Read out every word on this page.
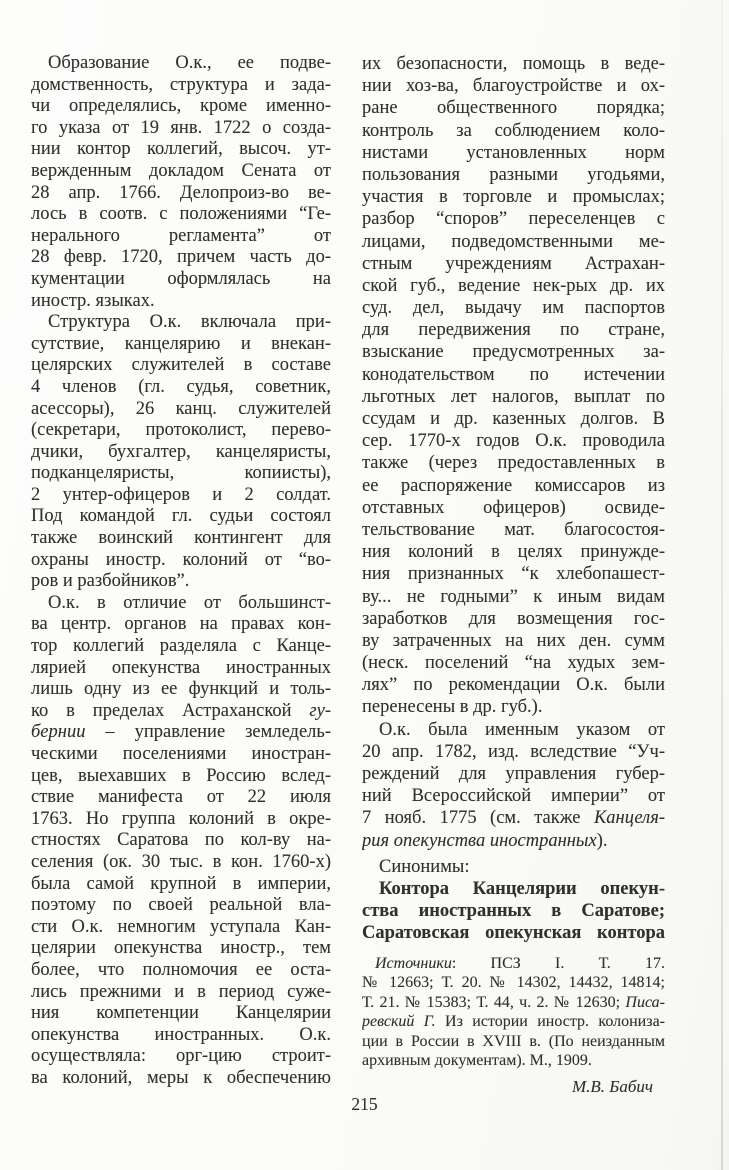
Образование О.к., ее подве-
домственность, структура и зада-
чи определялись, кроме именно-
го указа от 19 янв. 1722 о созда-
нии контор коллегий, высоч. ут-
вержденным докладом Сената от
28 апр. 1766. Делопроиз-во ве-
лось в соотв. с положениями “Ге-
нерального регламента” от
28 февр. 1720, причем часть до-
кументации оформлялась на
иностр. языках.
Структура О.к. включала при-
сутствие, канцелярию и внекан-
целярских служителей в составе
4 членов (гл. судья, советник,
асессоры), 26 канц. служителей
(секретари, протоколист, перево-
дчики, бухгалтер, канцеляристы,
подканцеляристы, копиисты),
2 унтер-офицеров и 2 солдат.
Под командой гл. судьи состоял
также воинский контингент для
охраны иностр. колоний от “во-
ров и разбойников”.
О.к. в отличие от большинст-
ва центр. органов на правах кон-
тор коллегий разделяла с Канце-
лярией опекунства иностранных
лишь одну из ее функций и толь-
ко в пределах Астраханской гу-
бернии – управление земледель-
ческими поселениями иностран-
цев, выехавших в Россию вслед-
ствие манифеста от 22 июля
1763. Но группа колоний в окре-
стностях Саратова по кол-ву на-
селения (ок. 30 тыс. в кон. 1760-х)
была самой крупной в империи,
поэтому по своей реальной вла-
сти О.к. немногим уступала Кан-
целярии опекунства иностр., тем
более, что полномочия ее оста-
лись прежними и в период суже-
ния компетенции Канцелярии
опекунства иностранных. О.к.
осуществляла: орг-цию строит-
ва колоний, меры к обеспечению
их безопасности, помощь в веде-
нии хоз-ва, благоустройстве и ох-
ране общественного порядка;
контроль за соблюдением коло-
нистами установленных норм
пользования разными угодьями,
участия в торговле и промыслах;
разбор “споров” переселенцев с
лицами, подведомственными ме-
стным учреждениям Астрахан-
ской губ., ведение нек-рых др. их
суд. дел, выдачу им паспортов
для передвижения по стране,
взыскание предусмотренных за-
конодательством по истечении
льготных лет налогов, выплат по
ссудам и др. казенных долгов. В
сер. 1770-х годов О.к. проводила
также (через предоставленных в
ее распоряжение комиссаров из
отставных офицеров) освиде-
тельствование мат. благосостоя-
ния колоний в целях принужде-
ния признанных “к хлебопашест-
ву... не годными” к иным видам
заработков для возмещения гос-
ву затраченных на них ден. сумм
(неск. поселений “на худых зем-
лях” по рекомендации О.к. были
перенесены в др. губ.).
О.к. была именным указом от
20 апр. 1782, изд. вследствие “Уч-
реждений для управления губер-
ний Всероссийской империи” от
7 нояб. 1775 (см. также Канцеля-
рия опекунства иностранных).
Синонимы:
Контора Канцелярии опекун-
ства иностранных в Саратове;
Саратовская опекунская контора
Источники: ПСЗ I. Т. 17.
№ 12663; Т. 20. № 14302, 14432, 14814;
Т. 21. № 15383; Т. 44, ч. 2. № 12630; Писа-
ревский Г. Из истории иностр. колониза-
ции в России в XVIII в. (По неизданным
архивным документам). М., 1909.
М.В. Бабич
215
